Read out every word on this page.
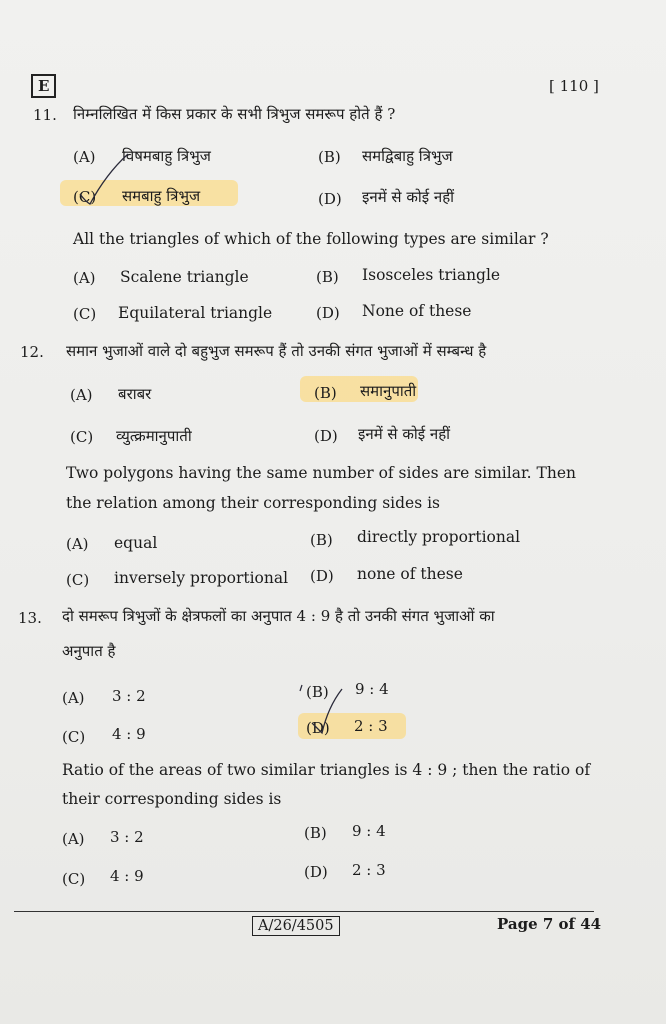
E	[ 110 ]
11. निम्नलिखित में किस प्रकार के सभी त्रिभुज समरूप होते हैं ?
(A) विषमबाहु त्रिभुज	(B) समद्विबाहु त्रिभुज
(C) समबाहु त्रिभुज	(D) इनमें से कोई नहीं
All the triangles of which of the following types are similar ?
(A) Scalene triangle	(B) Isosceles triangle
(C) Equilateral triangle	(D) None of these
12. समान भुजाओं वाले दो बहुभुज समरूप हैं तो उनकी संगत भुजाओं में सम्बन्ध है
(A) बराबर	(B) समानुपाती
(C) व्युत्क्रमानुपाती	(D) इनमें से कोई नहीं
Two polygons having the same number of sides are similar. Then
the relation among their corresponding sides is
(A) equal	(B) directly proportional
(C) inversely proportional (D) none of these
13. दो समरूप त्रिभुजों के क्षेत्रफलों का अनुपात 4 : 9 है तो उनकी संगत भुजाओं का
अनुपात है
(A) 3 : 2	(B) 9 : 4
(C) 4 : 9	(D) 2 : 3
Ratio of the areas of two similar triangles is 4 : 9 ; then the ratio of
their corresponding sides is
(A) 3 : 2	(B) 9 : 4
(C) 4 : 9	(D) 2 : 3
A/26/4505	Page 7 of 44
